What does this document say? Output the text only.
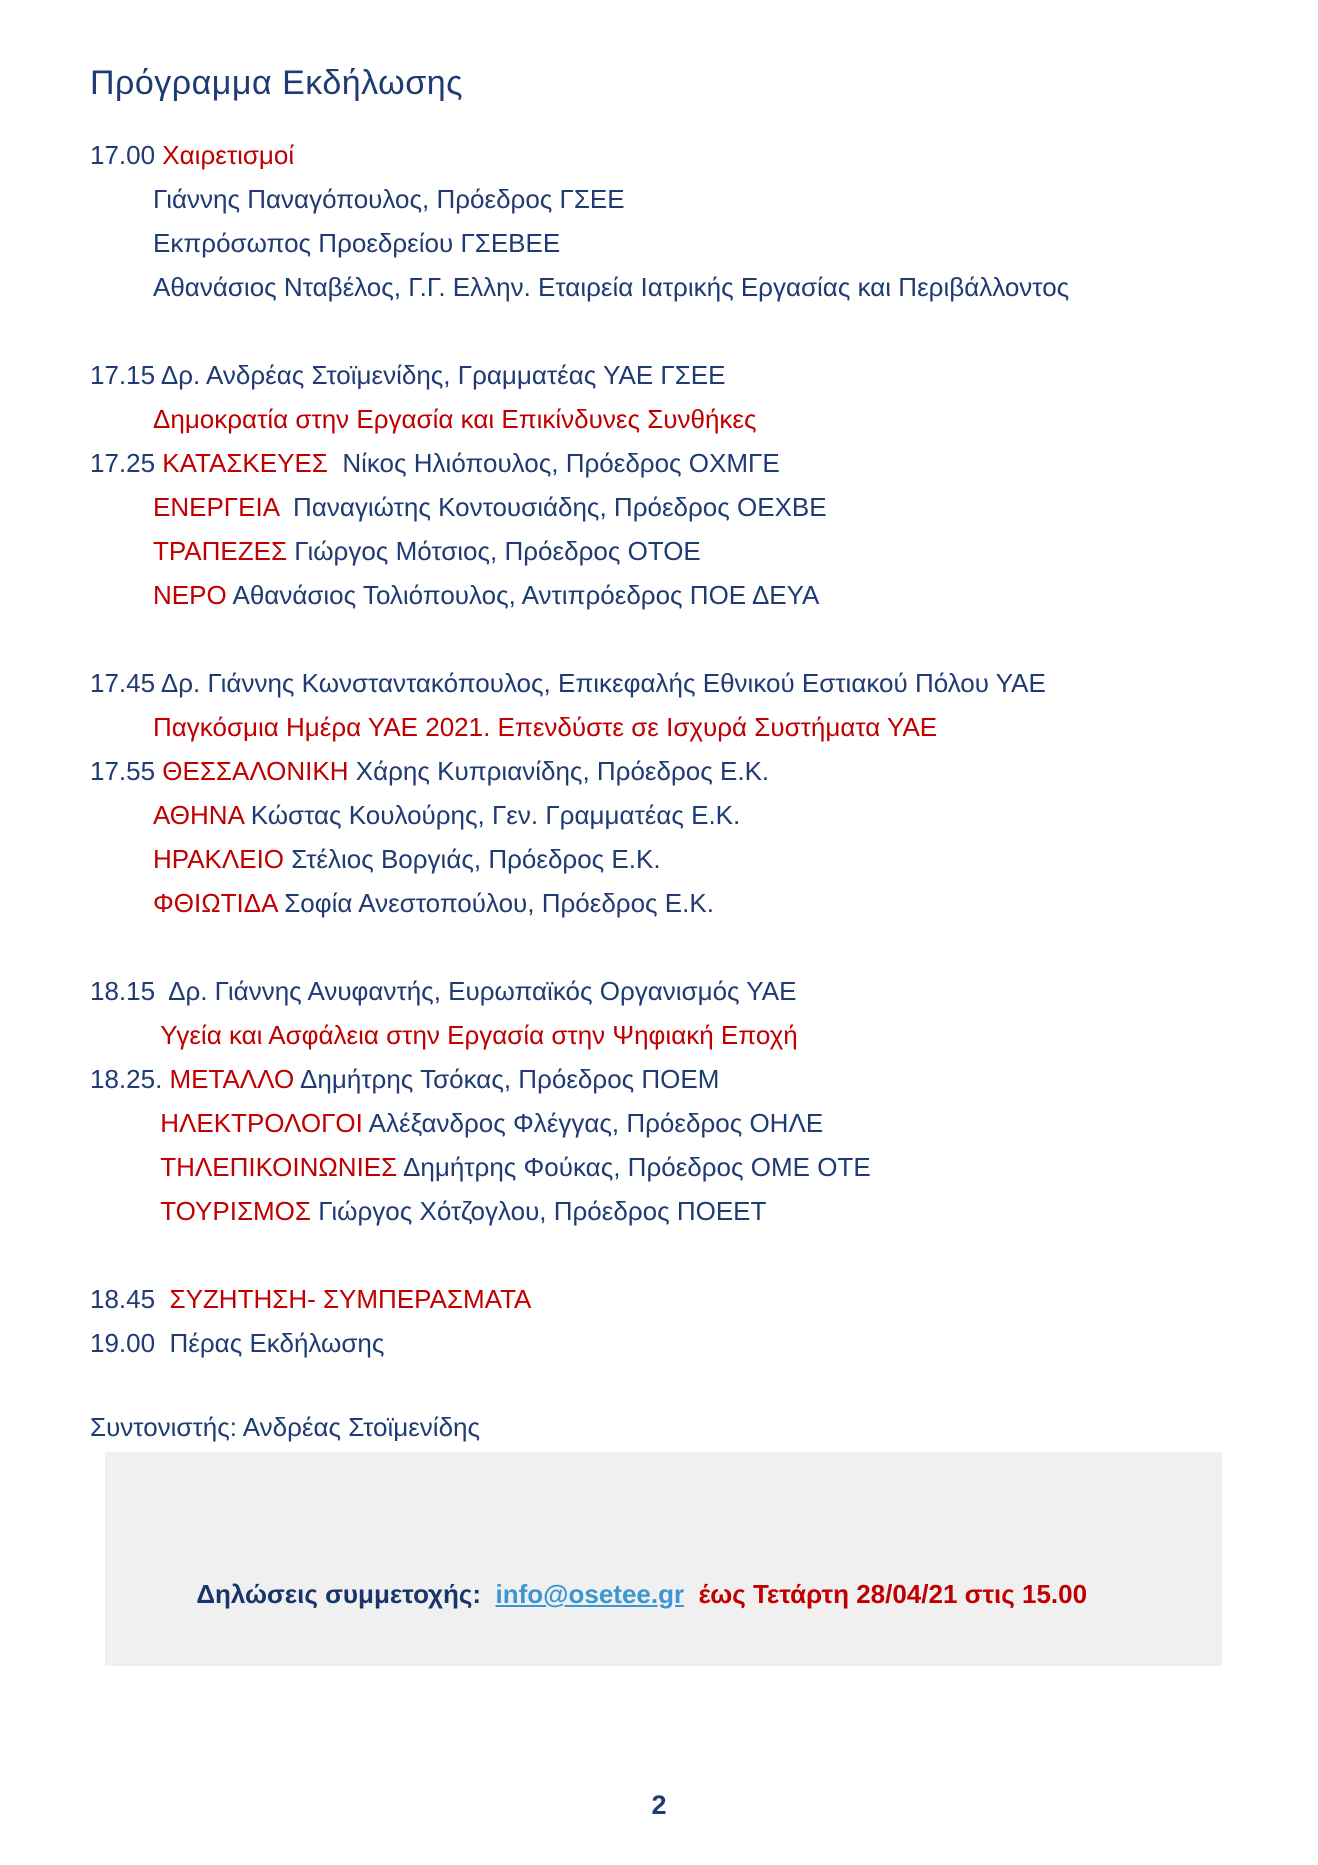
Πρόγραμμα Εκδήλωσης
17.00 Χαιρετισμοί
Γιάννης Παναγόπουλος, Πρόεδρος ΓΣΕΕ
Εκπρόσωπος Προεδρείου ΓΣΕΒΕΕ
Αθανάσιος Νταβέλος, Γ.Γ. Ελλην. Εταιρεία Ιατρικής Εργασίας και Περιβάλλοντος
17.15 Δρ. Ανδρέας Στοϊμενίδης, Γραμματέας ΥΑΕ ΓΣΕΕ
Δημοκρατία στην Εργασία και Επικίνδυνες Συνθήκες
17.25 ΚΑΤΑΣΚΕΥΕΣ  Νίκος Ηλιόπουλος, Πρόεδρος ΟΧΜΓΕ
ΕΝΕΡΓΕΙΑ  Παναγιώτης Κοντουσιάδης, Πρόεδρος ΟΕΧΒΕ
ΤΡΑΠΕΖΕΣ Γιώργος Μότσιος, Πρόεδρος ΟΤΟΕ
ΝΕΡΟ Αθανάσιος Τολιόπουλος, Αντιπρόεδρος ΠΟΕ ΔΕΥΑ
17.45 Δρ. Γιάννης Κωνσταντακόπουλος, Επικεφαλής Εθνικού Εστιακού Πόλου ΥΑΕ
Παγκόσμια Ημέρα ΥΑΕ 2021. Επενδύστε σε Ισχυρά Συστήματα ΥΑΕ
17.55 ΘΕΣΣΑΛΟΝΙΚΗ Χάρης Κυπριανίδης, Πρόεδρος Ε.Κ.
ΑΘΗΝΑ Κώστας Κουλούρης, Γεν. Γραμματέας Ε.Κ.
ΗΡΑΚΛΕΙΟ Στέλιος Βοργιάς, Πρόεδρος Ε.Κ.
ΦΘΙΩΤΙΔΑ Σοφία Ανεστοπούλου, Πρόεδρος Ε.Κ.
18.15  Δρ. Γιάννης Ανυφαντής, Ευρωπαϊκός Οργανισμός ΥΑΕ
Υγεία και Ασφάλεια στην Εργασία στην Ψηφιακή Εποχή
18.25. ΜΕΤΑΛΛΟ Δημήτρης Τσόκας, Πρόεδρος ΠΟΕΜ
ΗΛΕΚΤΡΟΛΟΓΟΙ Αλέξανδρος Φλέγγας, Πρόεδρος ΟΗΛΕ
ΤΗΛΕΠΙΚΟΙΝΩΝΙΕΣ Δημήτρης Φούκας, Πρόεδρος ΟΜΕ ΟΤΕ
ΤΟΥΡΙΣΜΟΣ Γιώργος Χότζογλου, Πρόεδρος ΠΟΕΕΤ
18.45  ΣΥΖΗΤΗΣΗ- ΣΥΜΠΕΡΑΣΜΑΤΑ
19.00  Πέρας Εκδήλωσης
Συντονιστής: Ανδρέας Στοϊμενίδης

Δηλώσεις συμμετοχής:  info@osetee.gr  έως Τετάρτη 28/04/21 στις 15.00

2
